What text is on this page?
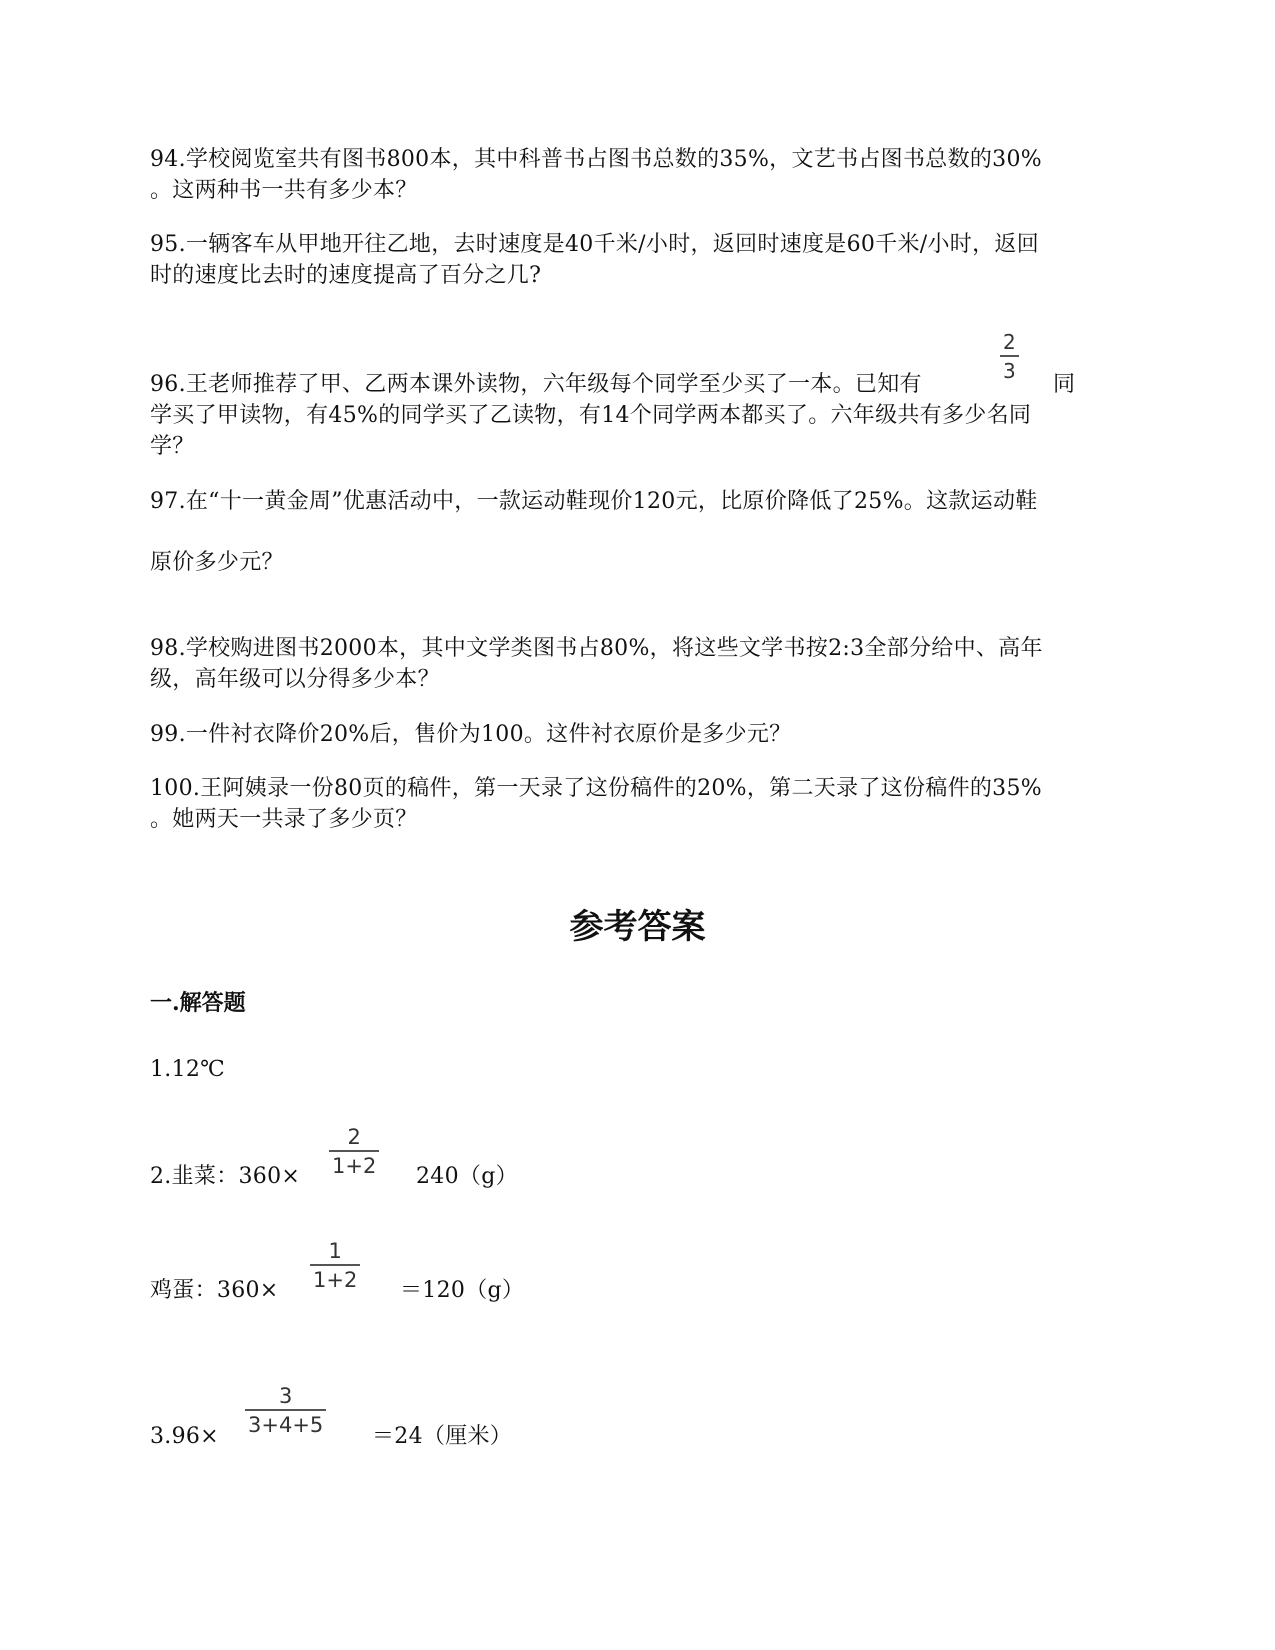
94.学校阅览室共有图书800本，其中科普书占图书总数的35%，文艺书占图书总数的30%
。这两种书一共有多少本？
95.一辆客车从甲地开往乙地，去时速度是40千米/小时，返回时速度是60千米/小时，返回
时的速度比去时的速度提高了百分之几?
2
3
96.王老师推荐了甲、乙两本课外读物，六年级每个同学至少买了一本。已知有	同
学买了甲读物，有45%的同学买了乙读物，有14个同学两本都买了。六年级共有多少名同
学？
97.在“十一黄金周”优惠活动中，一款运动鞋现价120元，比原价降低了25%。这款运动鞋
原价多少元？
98.学校购进图书2000本，其中文学类图书占80%，将这些文学书按2:3全部分给中、高年
级，高年级可以分得多少本？
99.一件衬衣降价20%后，售价为100。这件衬衣原价是多少元？
100.王阿姨录一份80页的稿件，第一天录了这份稿件的20%，第二天录了这份稿件的35%
。她两天一共录了多少页？
参考答案
一.解答题
1.12℃
2.韭菜：360×
2
1+2 240（g）
鸡蛋：360×
1
1+2 ＝120（g）
3.96×
3
3+4+5 ＝24（厘米）
